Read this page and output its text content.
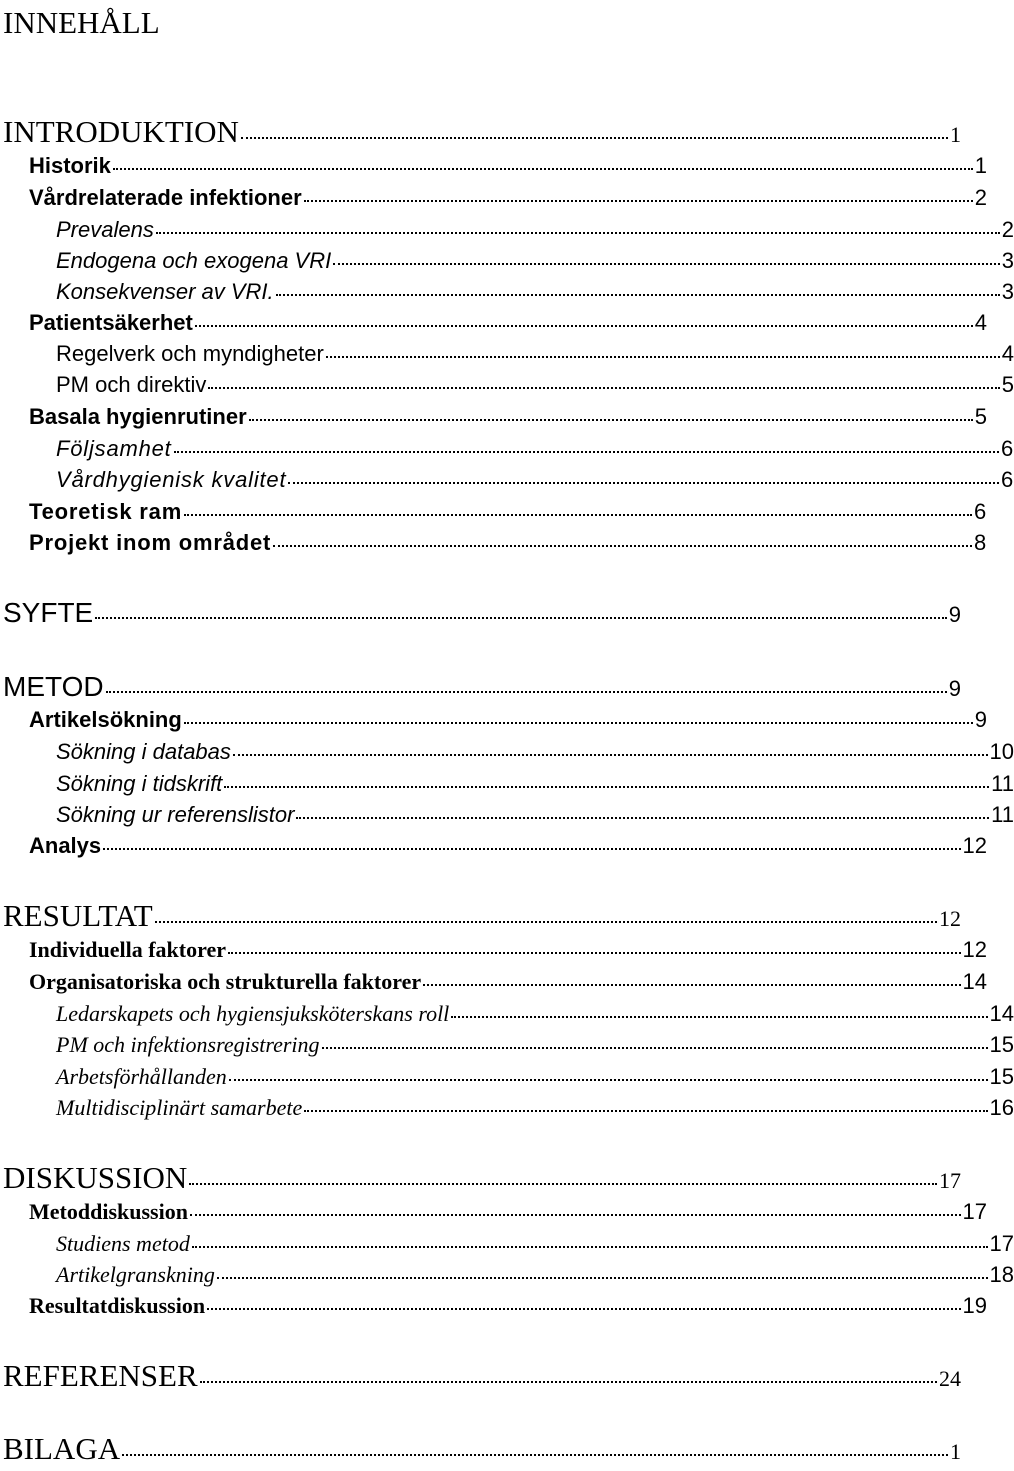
INNEHÅLL
INTRODUKTION	1
Historik	1
Vårdrelaterade infektioner	2
Prevalens	2
Endogena och exogena VRI	3
Konsekvenser av VRI.	3
Patientsäkerhet	4
Regelverk och myndigheter	4
PM och direktiv	5
Basala hygienrutiner	5
Följsamhet	6
Vårdhygienisk kvalitet	6
Teoretisk ram	6
Projekt inom området	8
SYFTE	9
METOD	9
Artikelsökning	9
Sökning i databas	10
Sökning i tidskrift	11
Sökning ur referenslistor	11
Analys	12
RESULTAT	12
Individuella faktorer	12
Organisatoriska och strukturella faktorer	14
Ledarskapets och hygiensjuksköterskans roll	14
PM och infektionsregistrering	15
Arbetsförhållanden	15
Multidisciplinärt samarbete	16
DISKUSSION	17
Metoddiskussion	17
Studiens metod	17
Artikelgranskning	18
Resultatdiskussion	19
REFERENSER	24
BILAGA	1
